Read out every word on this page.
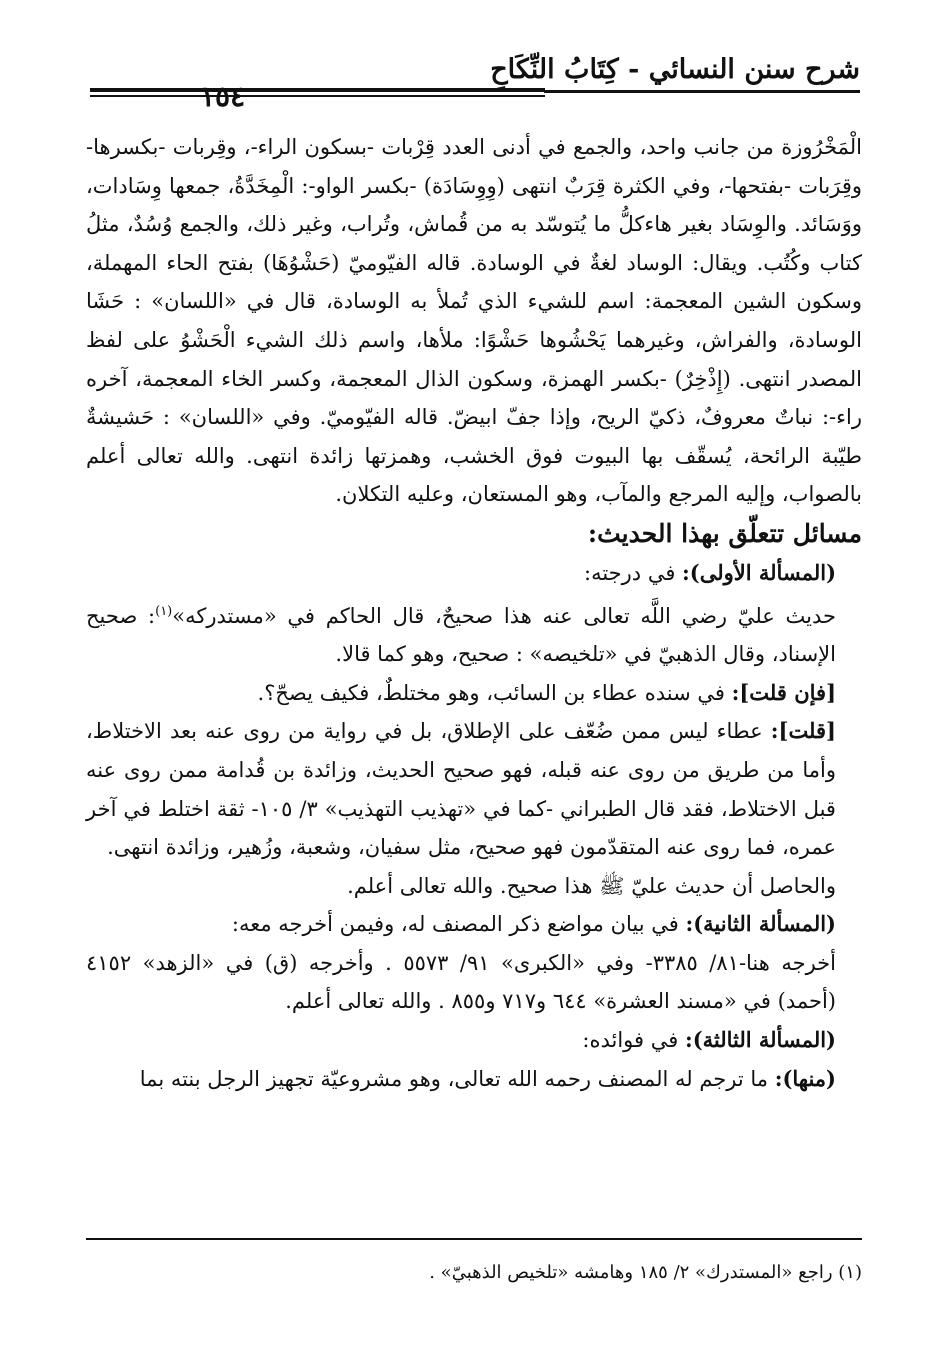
شرح سنن النسائي - كِتَابُ النِّكَاحِ
١٥٤

الْمَخْرُوزة من جانب واحد، والجمع في أدنى العدد قِرْبات -بسكون الراء-، وقِربات -بكسرها- وقِرَبات -بفتحها-، وفي الكثرة قِرَبٌ انتهى (وِوِسَادَة) -بكسر الواو-: الْمِخَدَّةُ، جمعها وِسَادات، ووَسَائد. والوِسَاد بغير هاءكلُّ ما يُتوسّد به من قُماش، وتُراب، وغير ذلك، والجمع وُسُدٌ، مثلُ كتاب وكُتُب. ويقال: الوساد لغةٌ في الوسادة. قاله الفيّوميّ (حَشْوُهَا) بفتح الحاء المهملة، وسكون الشين المعجمة: اسم للشيء الذي تُملأ به الوسادة، قال في «اللسان» : حَشَا الوسادة، والفراش، وغيرهما يَحْشُوها حَشْوًا: ملأها، واسم ذلك الشيء الْحَشْوُ على لفظ المصدر انتهى. (إِذْخِرٌ) -بكسر الهمزة، وسكون الذال المعجمة، وكسر الخاء المعجمة، آخره راء-: نباتٌ معروفٌ، ذكيّ الريح، وإذا جفّ ابيضّ. قاله الفيّوميّ. وفي «اللسان» : حَشيشةٌ طيّبة الرائحة، يُسقّف بها البيوت فوق الخشب، وهمزتها زائدة انتهى. والله تعالى أعلم بالصواب، وإليه المرجع والمآب، وهو المستعان، وعليه التكلان.

مسائل تتعلّق بهذا الحديث:

(المسألة الأولى): في درجته:

حديث عليّ رضي اللَّه تعالى عنه هذا صحيحٌ، قال الحاكم في «مستدركه»$^{(١)}$: صحيح الإسناد، وقال الذهبيّ في «تلخيصه» : صحيح، وهو كما قالا.

[فإن قلت]: في سنده عطاء بن السائب، وهو مختلطٌ، فكيف يصحّ؟.

[قلت]: عطاء ليس ممن ضُعّف على الإطلاق، بل في رواية من روى عنه بعد الاختلاط، وأما من طريق من روى عنه قبله، فهو صحيح الحديث، وزائدة بن قُدامة ممن روى عنه قبل الاختلاط، فقد قال الطبراني -كما في «تهذيب التهذيب» ٣/ ١٠٥- ثقة اختلط في آخر عمره، فما روى عنه المتقدّمون فهو صحيح، مثل سفيان، وشعبة، وزُهير، وزائدة انتهى.

والحاصل أن حديث عليّ ﷺ هذا صحيح. والله تعالى أعلم.

(المسألة الثانية): في بيان مواضع ذكر المصنف له، وفيمن أخرجه معه:

أخرجه هنا-٨١/ ٣٣٨٥- وفي «الكبرى» ٩١/ ٥٥٧٣ . وأخرجه (ق) في «الزهد» ٤١٥٢ (أحمد) في «مسند العشرة» ٦٤٤ و٧١٧ و٨٥٥ . والله تعالى أعلم.

(المسألة الثالثة): في فوائده:

(منها): ما ترجم له المصنف رحمه الله تعالى، وهو مشروعيّة تجهيز الرجل بنته بما

(١) راجع «المستدرك» ٢/ ١٨٥ وهامشه «تلخيص الذهبيّ» .
